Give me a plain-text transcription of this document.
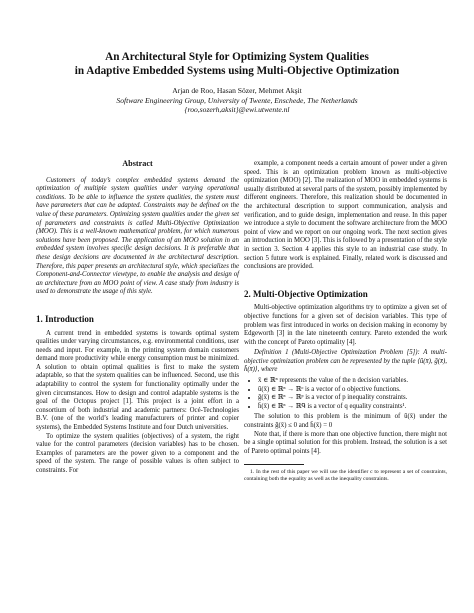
An Architectural Style for Optimizing System Qualities
in Adaptive Embedded Systems using Multi-Objective Optimization
Arjan de Roo, Hasan Sözer, Mehmet Akşit
Software Engineering Group, University of Twente, Enschede, The Netherlands
{roo,sozerh,aksit}@ewi.utwente.nl
Abstract

Customers of today’s complex embedded systems demand the optimization of multiple system qualities under varying operational conditions. To be able to influence the system qualities, the system must have parameters that can be adapted. Constraints may be defined on the value of these parameters. Optimizing system qualities under the given set of parameters and constraints is called Multi-Objective Optimization (MOO). This is a well-known mathematical problem, for which numerous solutions have been proposed. The application of an MOO solution in an embedded system involves specific design decisions. It is preferable that these design decisions are documented in the architectural description. Therefore, this paper presents an architectural style, which specializes the Component-and-Connector viewtype, to enable the analysis and design of an architecture from an MOO point of view. A case study from industry is used to demonstrate the usage of this style.

1. Introduction

A current trend in embedded systems is towards optimal system qualities under varying circumstances, e.g. environmental conditions, user needs and input. For example, in the printing system domain customers demand more productivity while energy consumption must be minimized. A solution to obtain optimal qualities is first to make the system adaptable, so that the system qualities can be influenced. Second, use this adaptability to control the system for functionality optimally under the given circumstances. How to design and control adaptable systems is the goal of the Octopus project [1]. This project is a joint effort in a consortium of both industrial and academic partners: Océ-Technologies B.V. (one of the world’s leading manufacturers of printer and copier systems), the Embedded Systems Institute and four Dutch universities.

To optimize the system qualities (objectives) of a system, the right value for the control parameters (decision variables) has to be chosen. Examples of parameters are the power given to a component and the speed of the system. The range of possible values is often subject to constraints. For

example, a component needs a certain amount of power under a given speed. This is an optimization problem known as multi-objective optimization (MOO) [2]. The realization of MOO in embedded systems is usually distributed at several parts of the system, possibly implemented by different engineers. Therefore, this realization should be documented in the architectural description to support communication, analysis and verification, and to guide design, implementation and reuse. In this paper we introduce a style to document the software architecture from the MOO point of view and we report on our ongoing work. The next section gives an introduction in MOO [3]. This is followed by a presentation of the style in section 3. Section 4 applies this style to an industrial case study. In section 5 future work is explained. Finally, related work is discussed and conclusions are provided.

2. Multi-Objective Optimization

Multi-objective optimization algorithms try to optimize a given set of objective functions for a given set of decision variables. This type of problem was first introduced in works on decision making in economy by Edgeworth [3] in the late nineteenth century. Pareto extended the work with the concept of Pareto optimality [4].

Definition 1 (Multi-Objective Optimization Problem [5]): A multi-objective optimization problem can be represented by the tuple ⟨ū(x̄), ḡ(x̄), h̄(x̄)⟩, where

• x̄ ∈ ℝⁿ represents the value of the n decision variables.
• ū(x̄) ∈ ℝⁿ → ℝᵒ is a vector of o objective functions.
• ḡ(x̄) ∈ ℝⁿ → ℝᵖ is a vector of p inequality constraints.
• h̄(x̄) ∈ ℝⁿ → ℝᑫ is a vector of q equality constraints¹.

The solution to this problem is the minimum of ū(x̄) under the constraints ḡ(x̄) ≤ 0 and h̄(x̄) = 0

Note that, if there is more than one objective function, there might not be a single optimal solution for this problem. Instead, the solution is a set of Pareto optimal points [4].

1. In the rest of this paper we will use the identifier c to represent a set of constraints, containing both the equality as well as the inequality constraints.
